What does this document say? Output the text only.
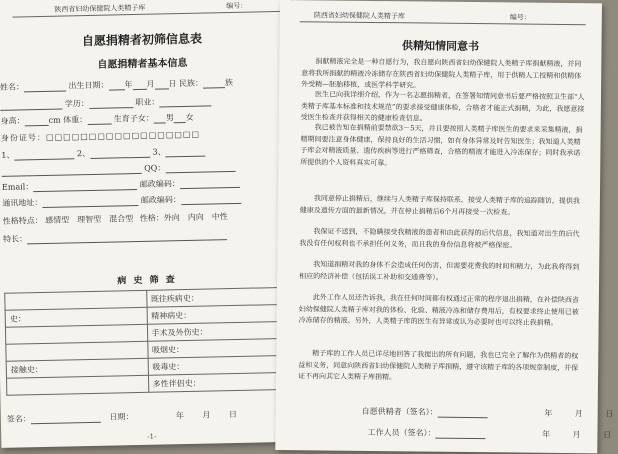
陕西省妇幼保健院人类精子库	编号：
自愿捐精者初筛信息表
自愿捐精者基本信息
姓名：	出生日期： 年 月 日 民族：	族
学历：	职业：
身高：	cm 体重：	生育子女： 男 女
身份证号：□□□□□□□□□□□□□□□□□□
1、	2、	3、
QQ：
Email：	邮政编码：
通讯地址：	邮政编码：
性格特点： 感情型　理智型　混合型 性格：外向　内向　中性
特长：
病 史 筛 查
	既往疾病史：
史：	精神病史：
	手术及外伤史：
	吸烟史：
接触史：	吸毒史：
	多性伴侣史：
签名：	日期：	年 月 日
-1-
陕西省妇幼保健院人类精子库	编号：
供精知情同意书
捐献精液完全是一种自愿行为，我自愿向陕西省妇幼保健院人类精子库捐献精液，并同意将我所捐献的精液冷冻储存在陕西省妇幼保健院人类精子库，用于供精人工授精和供精体外受精—胚胎移植，或医学科学研究。
医生已向我详细介绍，作为一名志愿捐精者，在签署知情同意书后要严格按照卫生部“人类精子库基本标准和技术规范”的要求接受健康体检，合格者才能正式捐精，为此，我愿意接受医生检查并获得相关的健康检查信息。
我已被告知在捐精前要禁欲3－5天，并且要按照人类精子库医生的要求来采集精液，捐精期间要注意身体健康，保持良好的生活习惯，如有身体异常及时告知医生；我知道人类精子库会对精液质量、遗传疾病等进行严格筛查，合格的精液才能进入冷冻保存；同时我承诺所提供的个人资料真实可靠。
我同意停止捐精后，继续与人类精子库保持联系，接受人类精子库的追踪随访，提供我健康及遗传方面的最新情况，并在停止捐精后6个月再接受一次检查。
我保证不送到，不隐瞒接受我精液的患者和由此获得的后代信息，我知道对出生的后代我没有任何权利也不承担任何义务，而且我的身份信息将被严格保密。
我知道捐精对我的身体不会造成任何伤害，但需要花费我的时间和精力，为此我将得到相应的经济补偿（包括误工补助和交通费等）。
此外工作人员还告诉我，我在任何时间都有权通过正常的程序退出捐精，在补偿陕西省妇幼保健院人类精子库对我的体检、化验、精液冷冻和储存费用后，有权要求终止使用已被冷冻储存的精液。另外，人类精子库的医生有异常或认为必要时也可以终止我捐精。
精子库的工作人员已详尽地回答了我提出的所有问题，我也已完全了解作为供精者的权益和义务，同意向陕西省妇幼保健院人类精子库捐精，遵守该精子库的各项规章制度，并保证不再向其它人类精子库捐精。
自愿供精者（签名）：	年	月	日
工作人员（签名）：	年	月	日
